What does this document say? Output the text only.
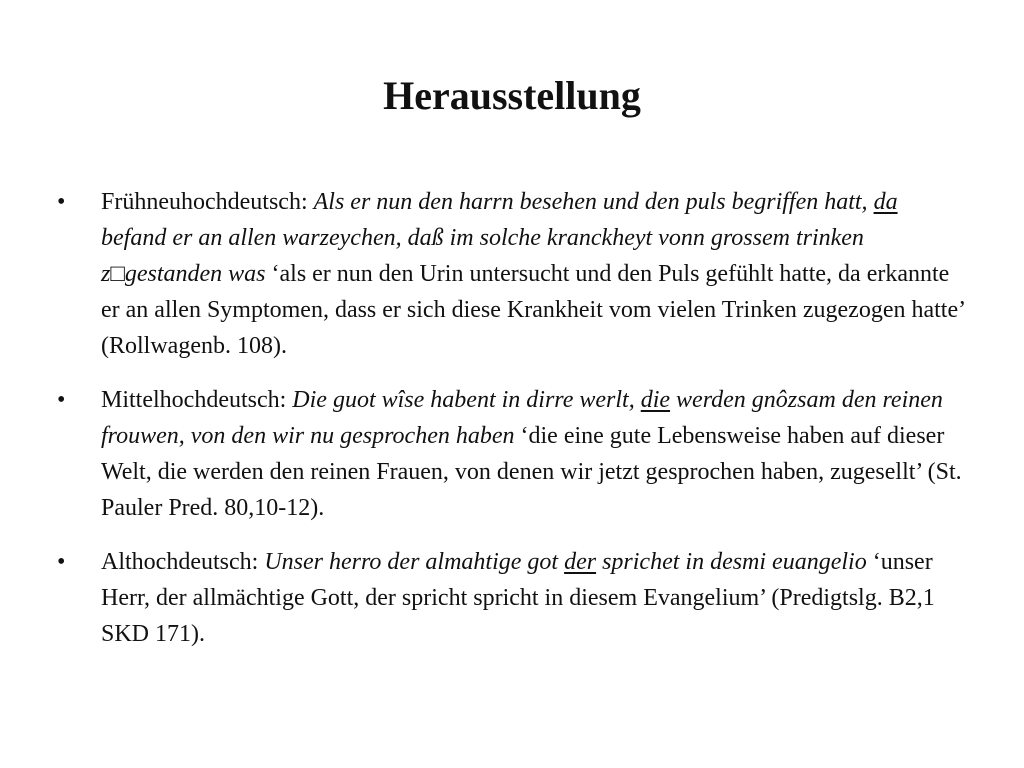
Herausstellung
• Frühneuhochdeutsch: Als er nun den harrn besehen und den puls begriffen hatt, da befand er an allen warzeychen, daß im solche kranckheyt vonn grossem trinken z□gestanden was ‘als er nun den Urin untersucht und den Puls gefühlt hatte, da erkannte er an allen Symptomen, dass er sich diese Krankheit vom vielen Trinken zugezogen hatte’ (Rollwagenb. 108).
• Mittelhochdeutsch: Die guot wîse habent in dirre werlt, die werden gnôzsam den reinen frouwen, von den wir nu gesprochen haben ‘die eine gute Lebensweise haben auf dieser Welt, die werden den reinen Frauen, von denen wir jetzt gesprochen haben, zugesellt’ (St. Pauler Pred. 80,10-12).
• Althochdeutsch: Unser herro der almahtige got der sprichet in desmi euangelio ‘unser Herr, der allmächtige Gott, der spricht spricht in diesem Evangelium’ (Predigtslg. B2,1 SKD 171).
